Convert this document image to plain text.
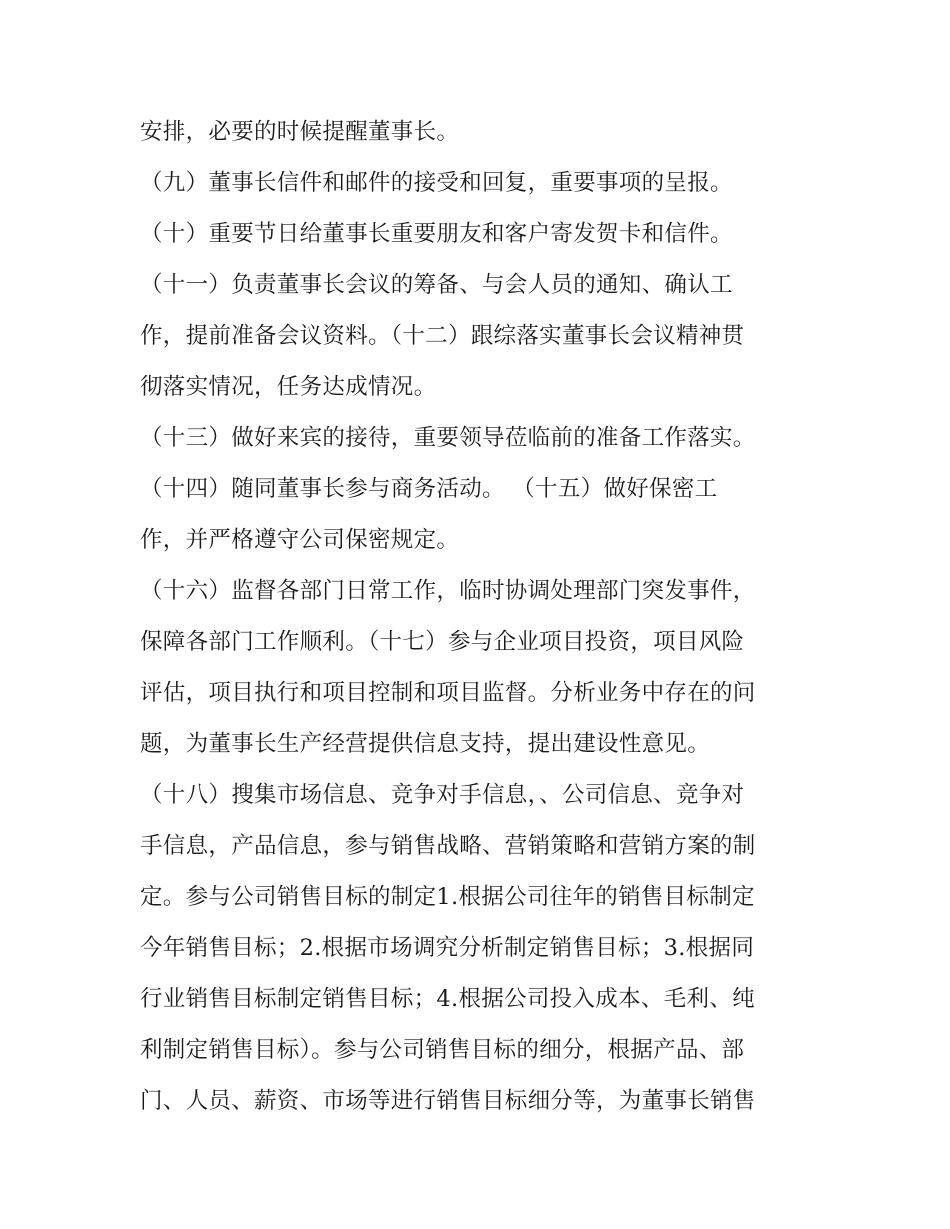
安排，必要的时候提醒董事长。
（九）董事长信件和邮件的接受和回复，重要事项的呈报。
（十）重要节日给董事长重要朋友和客户寄发贺卡和信件。
（十一）负责董事长会议的筹备、与会人员的通知、确认工
作，提前准备会议资料。（十二）跟综落实董事长会议精神贯
彻落实情况，任务达成情况。
（十三）做好来宾的接待，重要领导莅临前的准备工作落实。
（十四）随同董事长参与商务活动。 （十五）做好保密工
作，并严格遵守公司保密规定。
（十六）监督各部门日常工作，临时协调处理部门突发事件，
保障各部门工作顺利。（十七）参与企业项目投资，项目风险
评估，项目执行和项目控制和项目监督。分析业务中存在的问
题，为董事长生产经营提供信息支持，提出建设性意见。
（十八）搜集市场信息、竞争对手信息，、公司信息、竞争对
手信息，产品信息，参与销售战略、营销策略和营销方案的制
定。参与公司销售目标的制定1.根据公司往年的销售目标制定
今年销售目标；2.根据市场调究分析制定销售目标；3.根据同
行业销售目标制定销售目标；4.根据公司投入成本、毛利、纯
利制定销售目标）。参与公司销售目标的细分，根据产品、部
门、人员、薪资、市场等进行销售目标细分等，为董事长销售
